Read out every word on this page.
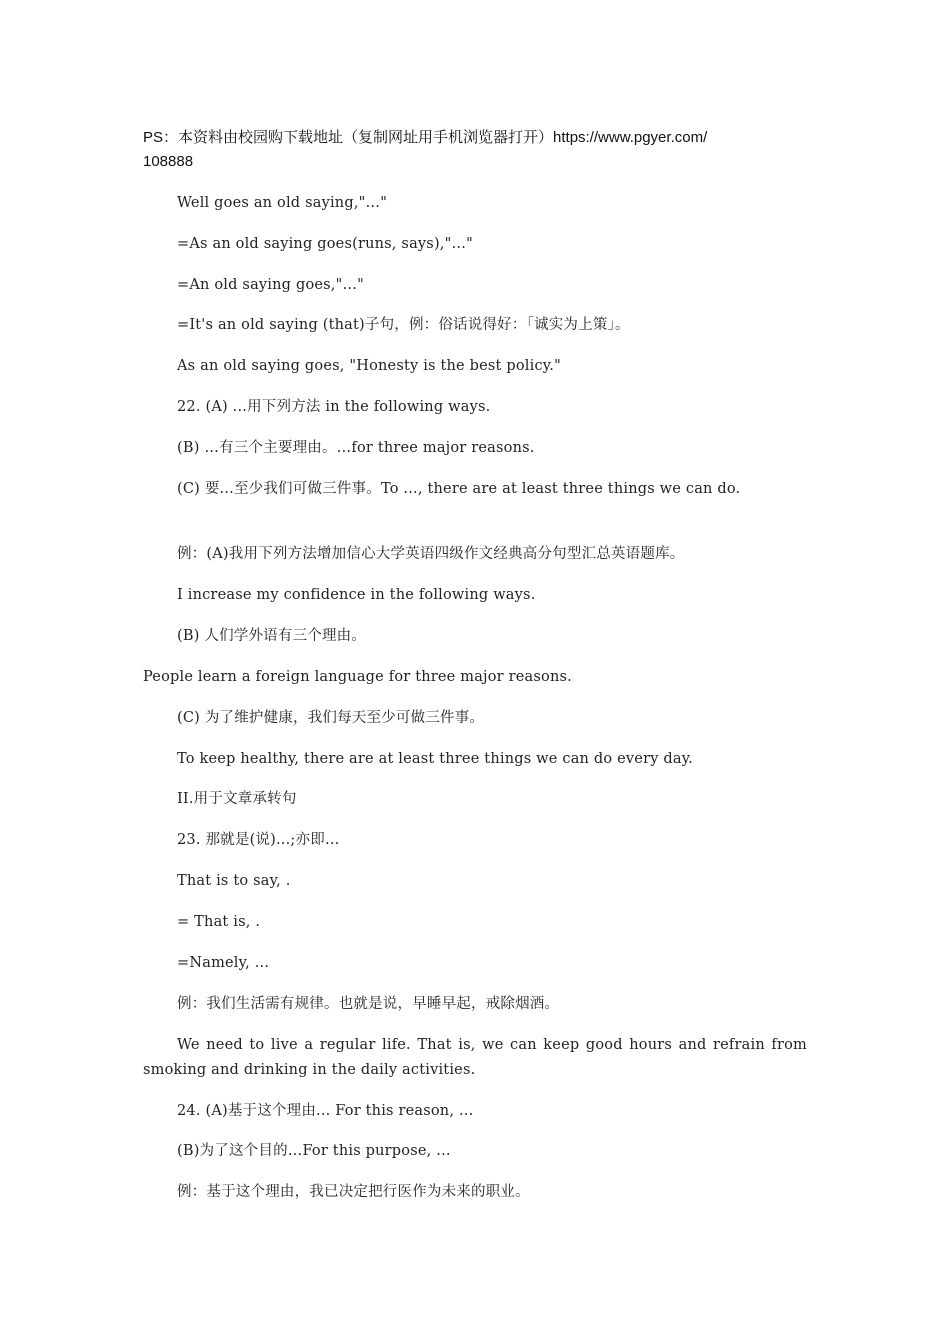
PS：本资料由校园购下载地址（复制网址用手机浏览器打开）https://www.pgyer.com/
108888
Well goes an old saying,"…"
=As an old saying goes(runs, says),"…"
=An old saying goes,"…"
=It's an old saying (that)子句，例：俗话说得好：「诚实为上策」。
As an old saying goes, "Honesty is the best policy."
22. (A) ...用下列方法 in the following ways.
(B) …有三个主要理由。…for three major reasons.
(C) 要...至少我们可做三件事。To ..., there are at least three things we can do.
例：(A)我用下列方法增加信心大学英语四级作文经典高分句型汇总英语题库。
I increase my confidence in the following ways.
(B) 人们学外语有三个理由。
People learn a foreign language for three major reasons.
(C) 为了维护健康，我们每天至少可做三件事。
To keep healthy, there are at least three things we can do every day.
II.用于文章承转句
23. 那就是(说)...;亦即…
That is to say, .
= That is, .
=Namely, ...
例：我们生活需有规律。也就是说，早睡早起，戒除烟酒。
We need to live a regular life. That is, we can keep good hours and refrain from smoking and drinking in the daily activities.
24. (A)基于这个理由... For this reason, ...
(B)为了这个目的…For this purpose, ...
例：基于这个理由，我已决定把行医作为未来的职业。
